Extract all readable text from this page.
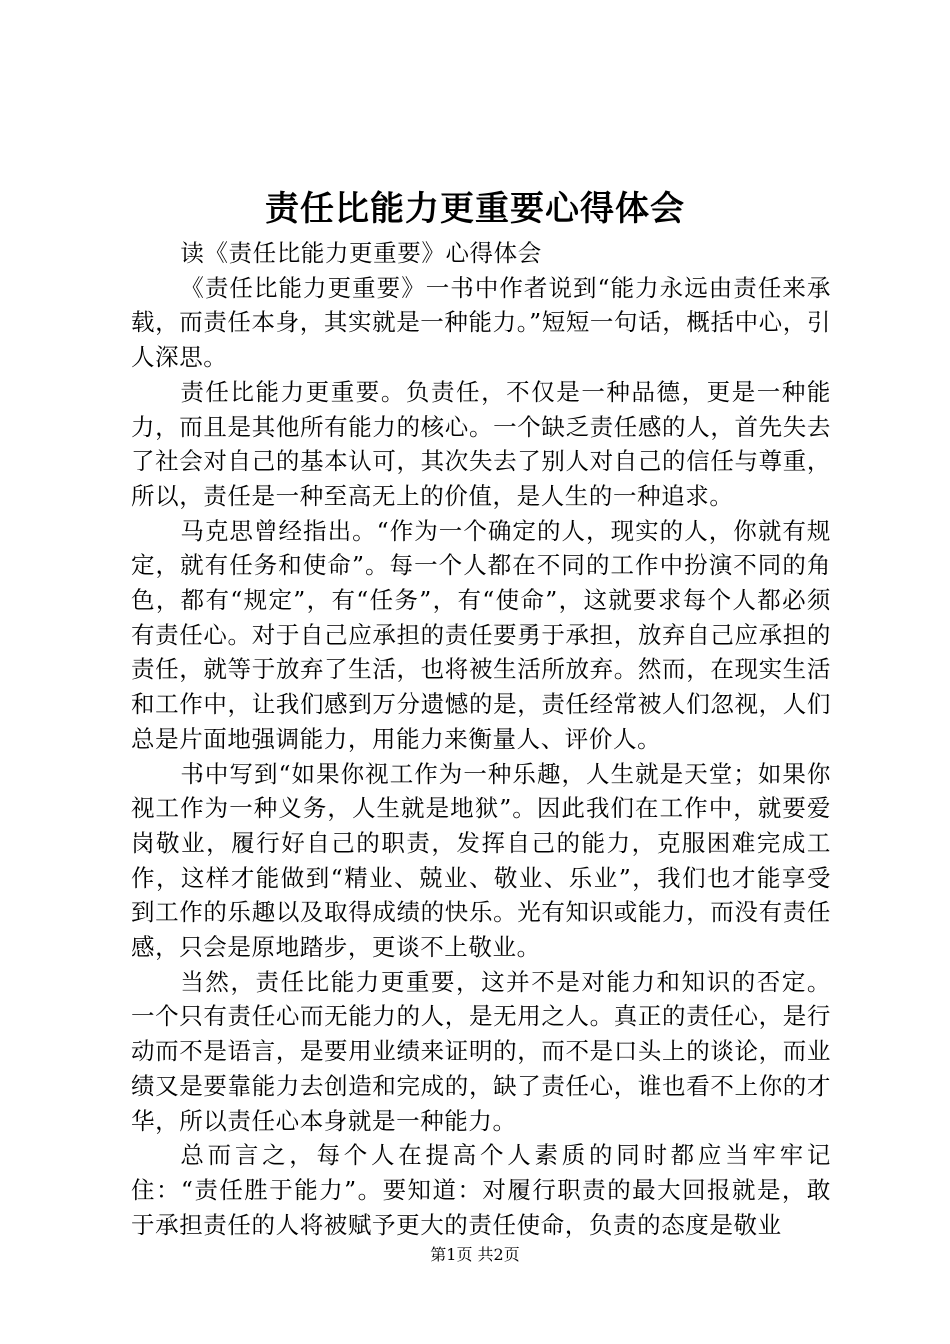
责任比能力更重要心得体会

读《责任比能力更重要》心得体会

《责任比能力更重要》一书中作者说到“能力永远由责任来承载，而责任本身，其实就是一种能力。”短短一句话，概括中心，引人深思。

责任比能力更重要。负责任，不仅是一种品德，更是一种能力，而且是其他所有能力的核心。一个缺乏责任感的人，首先失去了社会对自己的基本认可，其次失去了别人对自己的信任与尊重，所以，责任是一种至高无上的价值，是人生的一种追求。

马克思曾经指出。“作为一个确定的人，现实的人，你就有规定，就有任务和使命”。每一个人都在不同的工作中扮演不同的角色，都有“规定”，有“任务”，有“使命”，这就要求每个人都必须有责任心。对于自己应承担的责任要勇于承担，放弃自己应承担的责任，就等于放弃了生活，也将被生活所放弃。然而，在现实生活和工作中，让我们感到万分遗憾的是，责任经常被人们忽视，人们总是片面地强调能力，用能力来衡量人、评价人。

书中写到“如果你视工作为一种乐趣，人生就是天堂；如果你视工作为一种义务，人生就是地狱”。因此我们在工作中，就要爱岗敬业，履行好自己的职责，发挥自己的能力，克服困难完成工作，这样才能做到“精业、兢业、敬业、乐业”，我们也才能享受到工作的乐趣以及取得成绩的快乐。光有知识或能力，而没有责任感，只会是原地踏步，更谈不上敬业。

当然，责任比能力更重要，这并不是对能力和知识的否定。一个只有责任心而无能力的人，是无用之人。真正的责任心，是行动而不是语言，是要用业绩来证明的，而不是口头上的谈论，而业绩又是要靠能力去创造和完成的，缺了责任心，谁也看不上你的才华，所以责任心本身就是一种能力。

总而言之，每个人在提高个人素质的同时都应当牢牢记住：“责任胜于能力”。要知道：对履行职责的最大回报就是，敢于承担责任的人将被赋予更大的责任使命，负责的态度是敬业

第1页 共2页
